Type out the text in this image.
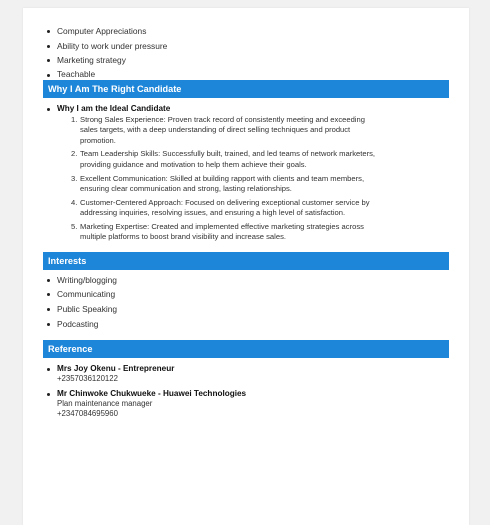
Computer Appreciations
Ability to work under pressure
Marketing strategy
Teachable
Why I Am The Right Candidate
Why I am the Ideal Candidate
1. Strong Sales Experience: Proven track record of consistently meeting and exceeding sales targets, with a deep understanding of direct selling techniques and product promotion.
2. Team Leadership Skills: Successfully built, trained, and led teams of network marketers, providing guidance and motivation to help them achieve their goals.
3. Excellent Communication: Skilled at building rapport with clients and team members, ensuring clear communication and strong, lasting relationships.
4. Customer-Centered Approach: Focused on delivering exceptional customer service by addressing inquiries, resolving issues, and ensuring a high level of satisfaction.
5. Marketing Expertise: Created and implemented effective marketing strategies across multiple platforms to boost brand visibility and increase sales.
Interests
Writing/blogging
Communicating
Public Speaking
Podcasting
Reference
Mrs Joy Okenu - Entrepreneur
+2357036120122
Mr Chinwoke Chukwueke - Huawei Technologies
Plan maintenance manager
+2347084695960
